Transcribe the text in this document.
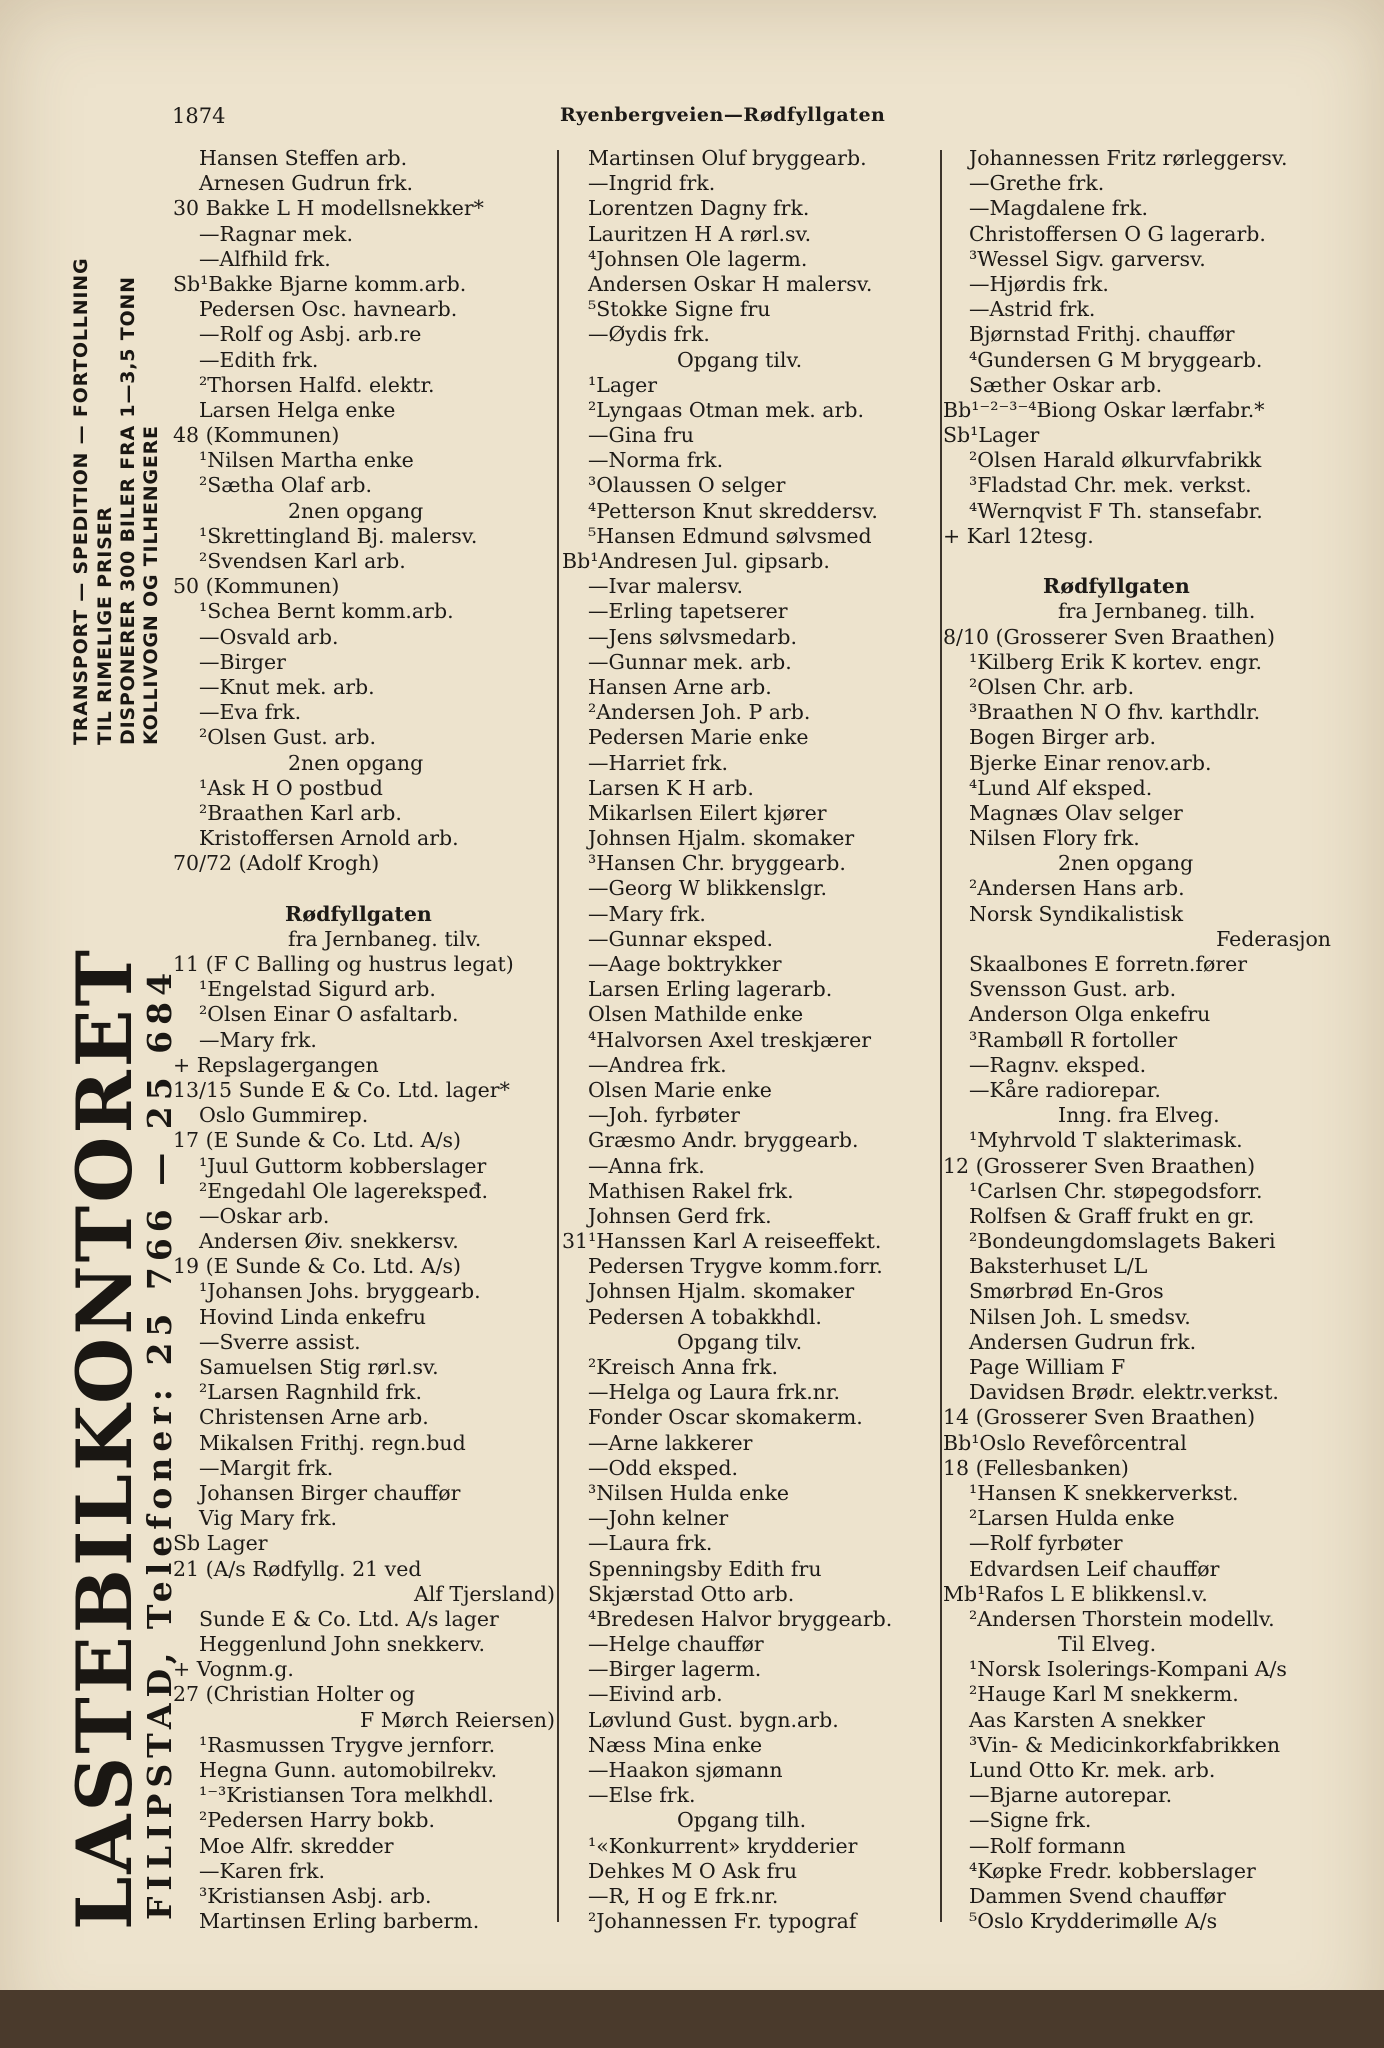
1874	Ryenbergveien—Rødfyllgaten
LASTEBILKONTORET
FILIPSTAD, Telefoner: 25 766 — 25 684
TRANSPORT — SPEDITION — FORTOLLNING TIL RIMELIGE PRISER DISPONERER 300 BILER FRA 1—3,5 TONN KOLLIVOGN OG TILHENGERE
Hansen Steffen arb.
Arnesen Gudrun frk.
30 Bakke L H modellsnekker*
—Ragnar mek.
—Alfhild frk.
Sb¹Bakke Bjarne komm.arb.
Pedersen Osc. havnearb.
—Rolf og Asbj. arb.re
—Edith frk.
²Thorsen Halfd. elektr.
Larsen Helga enke
48 (Kommunen)
¹Nilsen Martha enke
²Sætha Olaf arb.
2nen opgang
¹Skrettingland Bj. malersv.
²Svendsen Karl arb.
50 (Kommunen)
¹Schea Bernt komm.arb.
—Osvald arb.
—Birger
—Knut mek. arb.
—Eva frk.
²Olsen Gust. arb.
2nen opgang
¹Ask H O postbud
²Braathen Karl arb.
Kristoffersen Arnold arb.
70/72 (Adolf Krogh)
Rødfyllgaten
fra Jernbaneg. tilv.
11 (F C Balling og hustrus legat)
¹Engelstad Sigurd arb.
²Olsen Einar O asfaltarb.
—Mary frk.
+ Repslagergangen
13/15 Sunde E & Co. Ltd. lager*
Oslo Gummirep.
17 (E Sunde & Co. Ltd. A/s)
¹Juul Guttorm kobberslager
²Engedahl Ole lagerekspeđ.
—Oskar arb.
Andersen Øiv. snekkersv.
19 (E Sunde & Co. Ltd. A/s)
¹Johansen Johs. bryggearb.
Hovind Linda enkefru
—Sverre assist.
Samuelsen Stig rørl.sv.
²Larsen Ragnhild frk.
Christensen Arne arb.
Mikalsen Frithj. regn.bud
—Margit frk.
Johansen Birger chauffør
Vig Mary frk.
Sb Lager
21 (A/s Rødfyllg. 21 ved
Alf Tjersland)
Sunde E & Co. Ltd. A/s lager
Heggenlund John snekkerv.
+ Vognm.g.
27 (Christian Holter og
F Mørch Reiersen)
¹Rasmussen Trygve jernforr.
Hegna Gunn. automobilrekv.
¹⁻³Kristiansen Tora melkhdl.
²Pedersen Harry bokb.
Moe Alfr. skredder
—Karen frk.
³Kristiansen Asbj. arb.
Martinsen Erling barberm.
Martinsen Oluf bryggearb.
—Ingrid frk.
Lorentzen Dagny frk.
Lauritzen H A rørl.sv.
⁴Johnsen Ole lagerm.
Andersen Oskar H malersv.
⁵Stokke Signe fru
—Øydis frk.
Opgang tilv.
¹Lager
²Lyngaas Otman mek. arb.
—Gina fru
—Norma frk.
³Olaussen O selger
⁴Petterson Knut skreddersv.
⁵Hansen Edmund sølvsmed
Bb¹Andresen Jul. gipsarb.
—Ivar malersv.
—Erling tapetserer
—Jens sølvsmedarb.
—Gunnar mek. arb.
Hansen Arne arb.
²Andersen Joh. P arb.
Pedersen Marie enke
—Harriet frk.
Larsen K H arb.
Mikarlsen Eilert kjører
Johnsen Hjalm. skomaker
³Hansen Chr. bryggearb.
—Georg W blikkenslgr.
—Mary frk.
—Gunnar eksped.
—Aage boktrykker
Larsen Erling lagerarb.
Olsen Mathilde enke
⁴Halvorsen Axel treskjærer
—Andrea frk.
Olsen Marie enke
—Joh. fyrbøter
Græsmo Andr. bryggearb.
—Anna frk.
Mathisen Rakel frk.
Johnsen Gerd frk.
31¹Hanssen Karl A reiseeffekt.
Pedersen Trygve komm.forr.
Johnsen Hjalm. skomaker
Pedersen A tobakkhdl.
Opgang tilv.
²Kreisch Anna frk.
—Helga og Laura frk.nr.
Fonder Oscar skomakerm.
—Arne lakkerer
—Odd eksped.
³Nilsen Hulda enke
—John kelner
—Laura frk.
Spenningsby Edith fru
Skjærstad Otto arb.
⁴Bredesen Halvor bryggearb.
—Helge chauffør
—Birger lagerm.
—Eivind arb.
Løvlund Gust. bygn.arb.
Næss Mina enke
—Haakon sjømann
—Else frk.
Opgang tilh.
¹«Konkurrent» krydderier
Dehkes M O Ask fru
—R, H og E frk.nr.
²Johannessen Fr. typograf
Johannessen Fritz rørleggersv.
—Grethe frk.
—Magdalene frk.
Christoffersen O G lagerarb.
³Wessel Sigv. garversv.
—Hjørdis frk.
—Astrid frk.
Bjørnstad Frithj. chauffør
⁴Gundersen G M bryggearb.
Sæther Oskar arb.
Bb¹⁻²⁻³⁻⁴Biong Oskar lærfabr.*
Sb¹Lager
²Olsen Harald ølkurvfabrikk
³Fladstad Chr. mek. verkst.
⁴Wernqvist F Th. stansefabr.
+ Karl 12tesg.
Rødfyllgaten
fra Jernbaneg. tilh.
8/10 (Grosserer Sven Braathen)
¹Kilberg Erik K kortev. engr.
²Olsen Chr. arb.
³Braathen N O fhv. karthdlr.
Bogen Birger arb.
Bjerke Einar renov.arb.
⁴Lund Alf eksped.
Magnæs Olav selger
Nilsen Flory frk.
2nen opgang
²Andersen Hans arb.
Norsk Syndikalistisk
Federasjon
Skaalbones E forretn.fører
Svensson Gust. arb.
Anderson Olga enkefru
³Rambøll R fortoller
—Ragnv. eksped.
—Kåre radiorepar.
Inng. fra Elveg.
¹Myhrvold T slakterimask.
12 (Grosserer Sven Braathen)
¹Carlsen Chr. støpegodsforr.
Rolfsen & Graff frukt en gr.
²Bondeungdomslagets Bakeri
Baksterhuset L/L
Smørbrød En-Gros
Nilsen Joh. L smedsv.
Andersen Gudrun frk.
Page William F
Davidsen Brødr. elektr.verkst.
14 (Grosserer Sven Braathen)
Bb¹Oslo Revefôrcentral
18 (Fellesbanken)
¹Hansen K snekkerverkst.
²Larsen Hulda enke
—Rolf fyrbøter
Edvardsen Leif chauffør
Mb¹Rafos L E blikkensl.v.
²Andersen Thorstein modellv.
Til Elveg.
¹Norsk Isolerings-Kompani A/s
²Hauge Karl M snekkerm.
Aas Karsten A snekker
³Vin- & Medicinkorkfabrikken
Lund Otto Kr. mek. arb.
—Bjarne autorepar.
—Signe frk.
—Rolf formann
⁴Køpke Fredr. kobberslager
Dammen Svend chauffør
⁵Oslo Krydderimølle A/s
